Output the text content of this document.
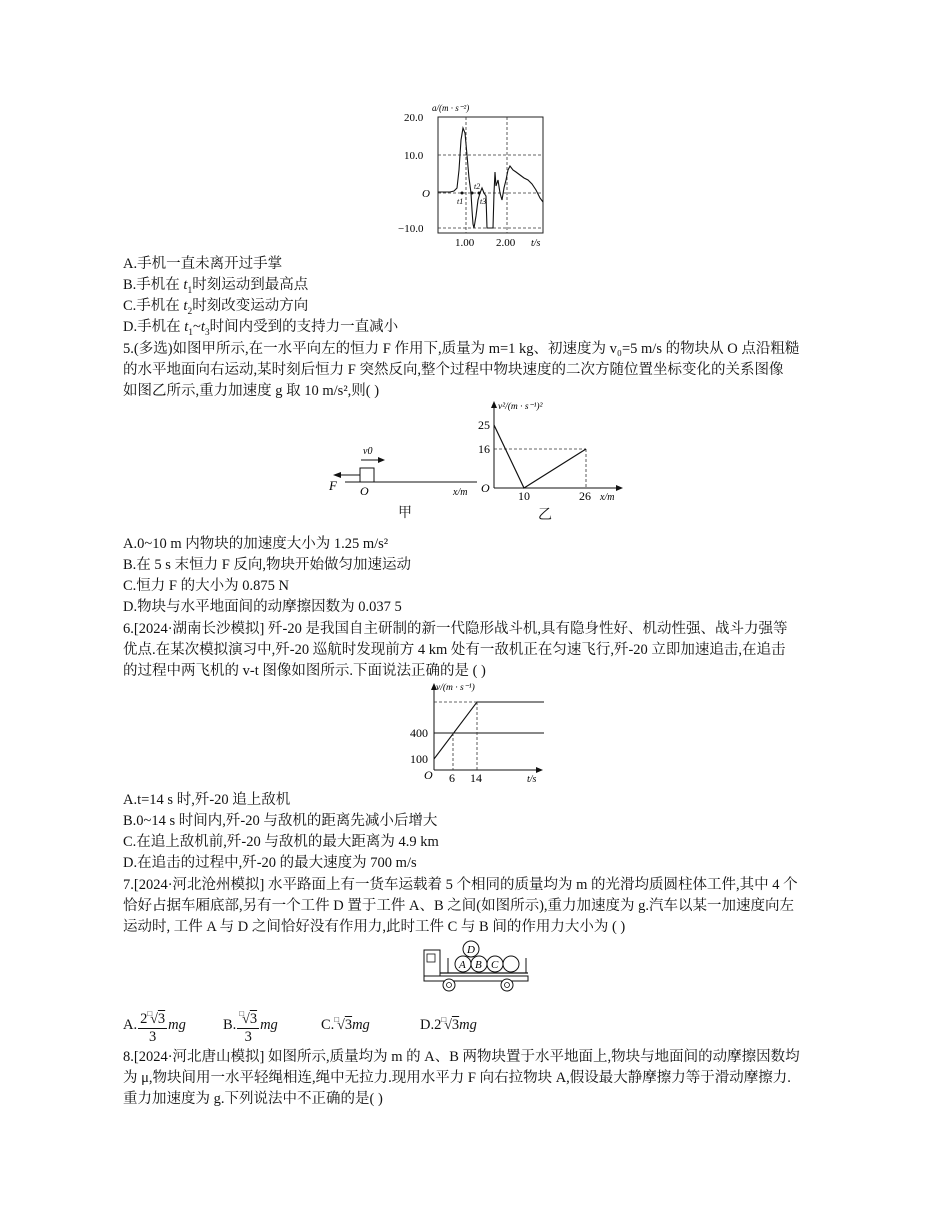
a/(m · s⁻²)
20.0
10.0
O
−10.0
1.00 2.00 t/s
t1
t2
t3
A.手机一直未离开过手掌
B.手机在 $t_1$时刻运动到最高点
C.手机在 $t_2$时刻改变运动方向
D.手机在 $t_1\sim t_3$时间内受到的支持力一直减小
5.(多选)如图甲所示,在一水平向左的恒力 F 作用下,质量为 m=1 kg、初速度为 v₀=5 m/s 的物块从 O 点沿粗糙
的水平地面向右运动,某时刻后恒力 F 突然反向,整个过程中物块速度的二次方随位置坐标变化的关系图像
如图乙所示,重力加速度 g 取 10 m/s²,则( )
F
v0
O	x/m
甲
v²/(m · s⁻¹)²
25
16
O
10	26 x/m
乙
A.0~10 m 内物块的加速度大小为 1.25 m/s²
B.在 5 s 末恒力 F 反向,物块开始做匀加速运动
C.恒力 F 的大小为 0.875 N
D.物块与水平地面间的动摩擦因数为 0.037 5
6.[2024·湖南长沙模拟] 歼-20 是我国自主研制的新一代隐形战斗机,具有隐身性好、机动性强、战斗力强等
优点.在某次模拟演习中,歼-20 巡航时发现前方 4 km 处有一敌机正在匀速飞行,歼-20 立即加速追击,在追击
的过程中两飞机的 v-t 图像如图所示.下面说法正确的是 ( )
v/(m · s⁻¹)
400
100
O 6 14	t/s
A.t=14 s 时,歼-20 追上敌机
B.0~14 s 时间内,歼-20 与敌机的距离先减小后增大
C.在追上敌机前,歼-20 与敌机的最大距离为 4.9 km
D.在追击的过程中,歼-20 的最大速度为 700 m/s
7.[2024·河北沧州模拟] 水平路面上有一货车运载着 5 个相同的质量均为 m 的光滑均质圆柱体工件,其中 4 个
恰好占据车厢底部,另有一个工件 D 置于工件 A、B 之间(如图所示),重力加速度为 g.汽车以某一加速度向左
运动时, 工件 A 与 D 之间恰好没有作用力,此时工件 C 与 B 间的作用力大小为 ( )
D
A B C
A. $\frac{2^□√3}{3}$ mg	B. $\frac{^□√3}{3}$ mg	C.□√3mg	D.2□√3mg
8.[2024·河北唐山模拟] 如图所示,质量均为 m 的 A、B 两物块置于水平地面上,物块与地面间的动摩擦因数均
为 μ,物块间用一水平轻绳相连,绳中无拉力.现用水平力 F 向右拉物块 A,假设最大静摩擦力等于滑动摩擦力.
重力加速度为 g.下列说法中不正确的是( )
